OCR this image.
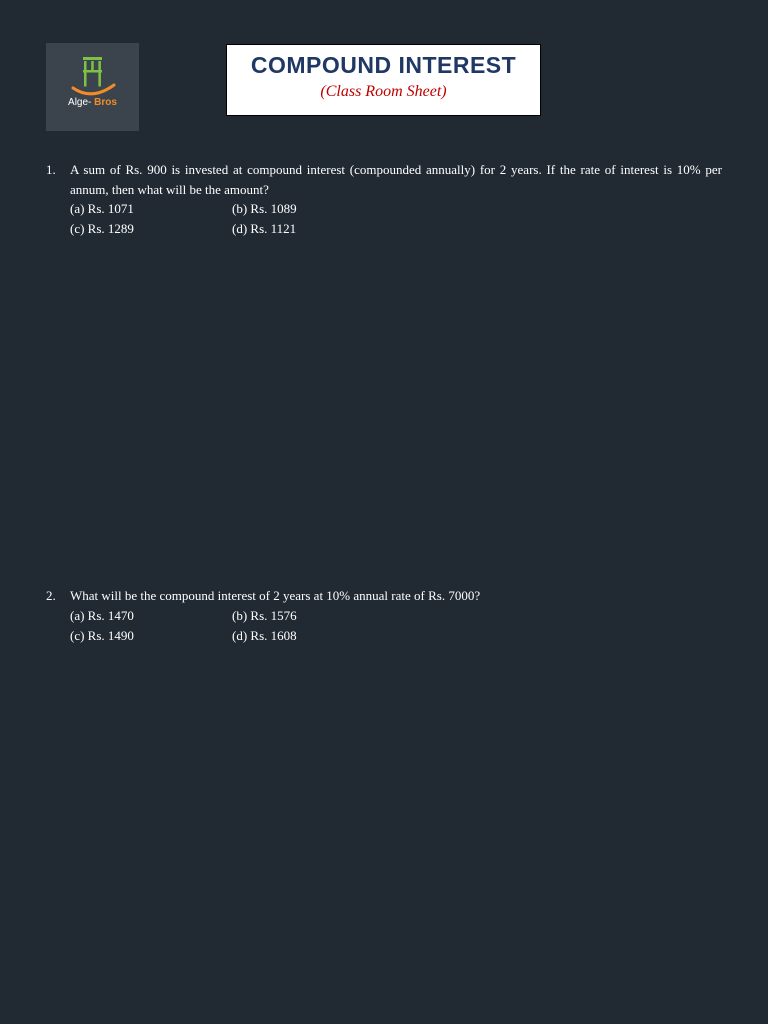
Alge- Bros
COMPOUND INTEREST
(Class Room Sheet)
1.	A sum of Rs. 900 is invested at compound interest (compounded annually) for 2 years. If the rate of interest is 10% per annum, then what will be the amount?
(a) Rs. 1071	(b) Rs. 1089
(c) Rs. 1289	(d) Rs. 1121
2.	What will be the compound interest of 2 years at 10% annual rate of Rs. 7000?
(a) Rs. 1470	(b) Rs. 1576
(c) Rs. 1490	(d) Rs. 1608
